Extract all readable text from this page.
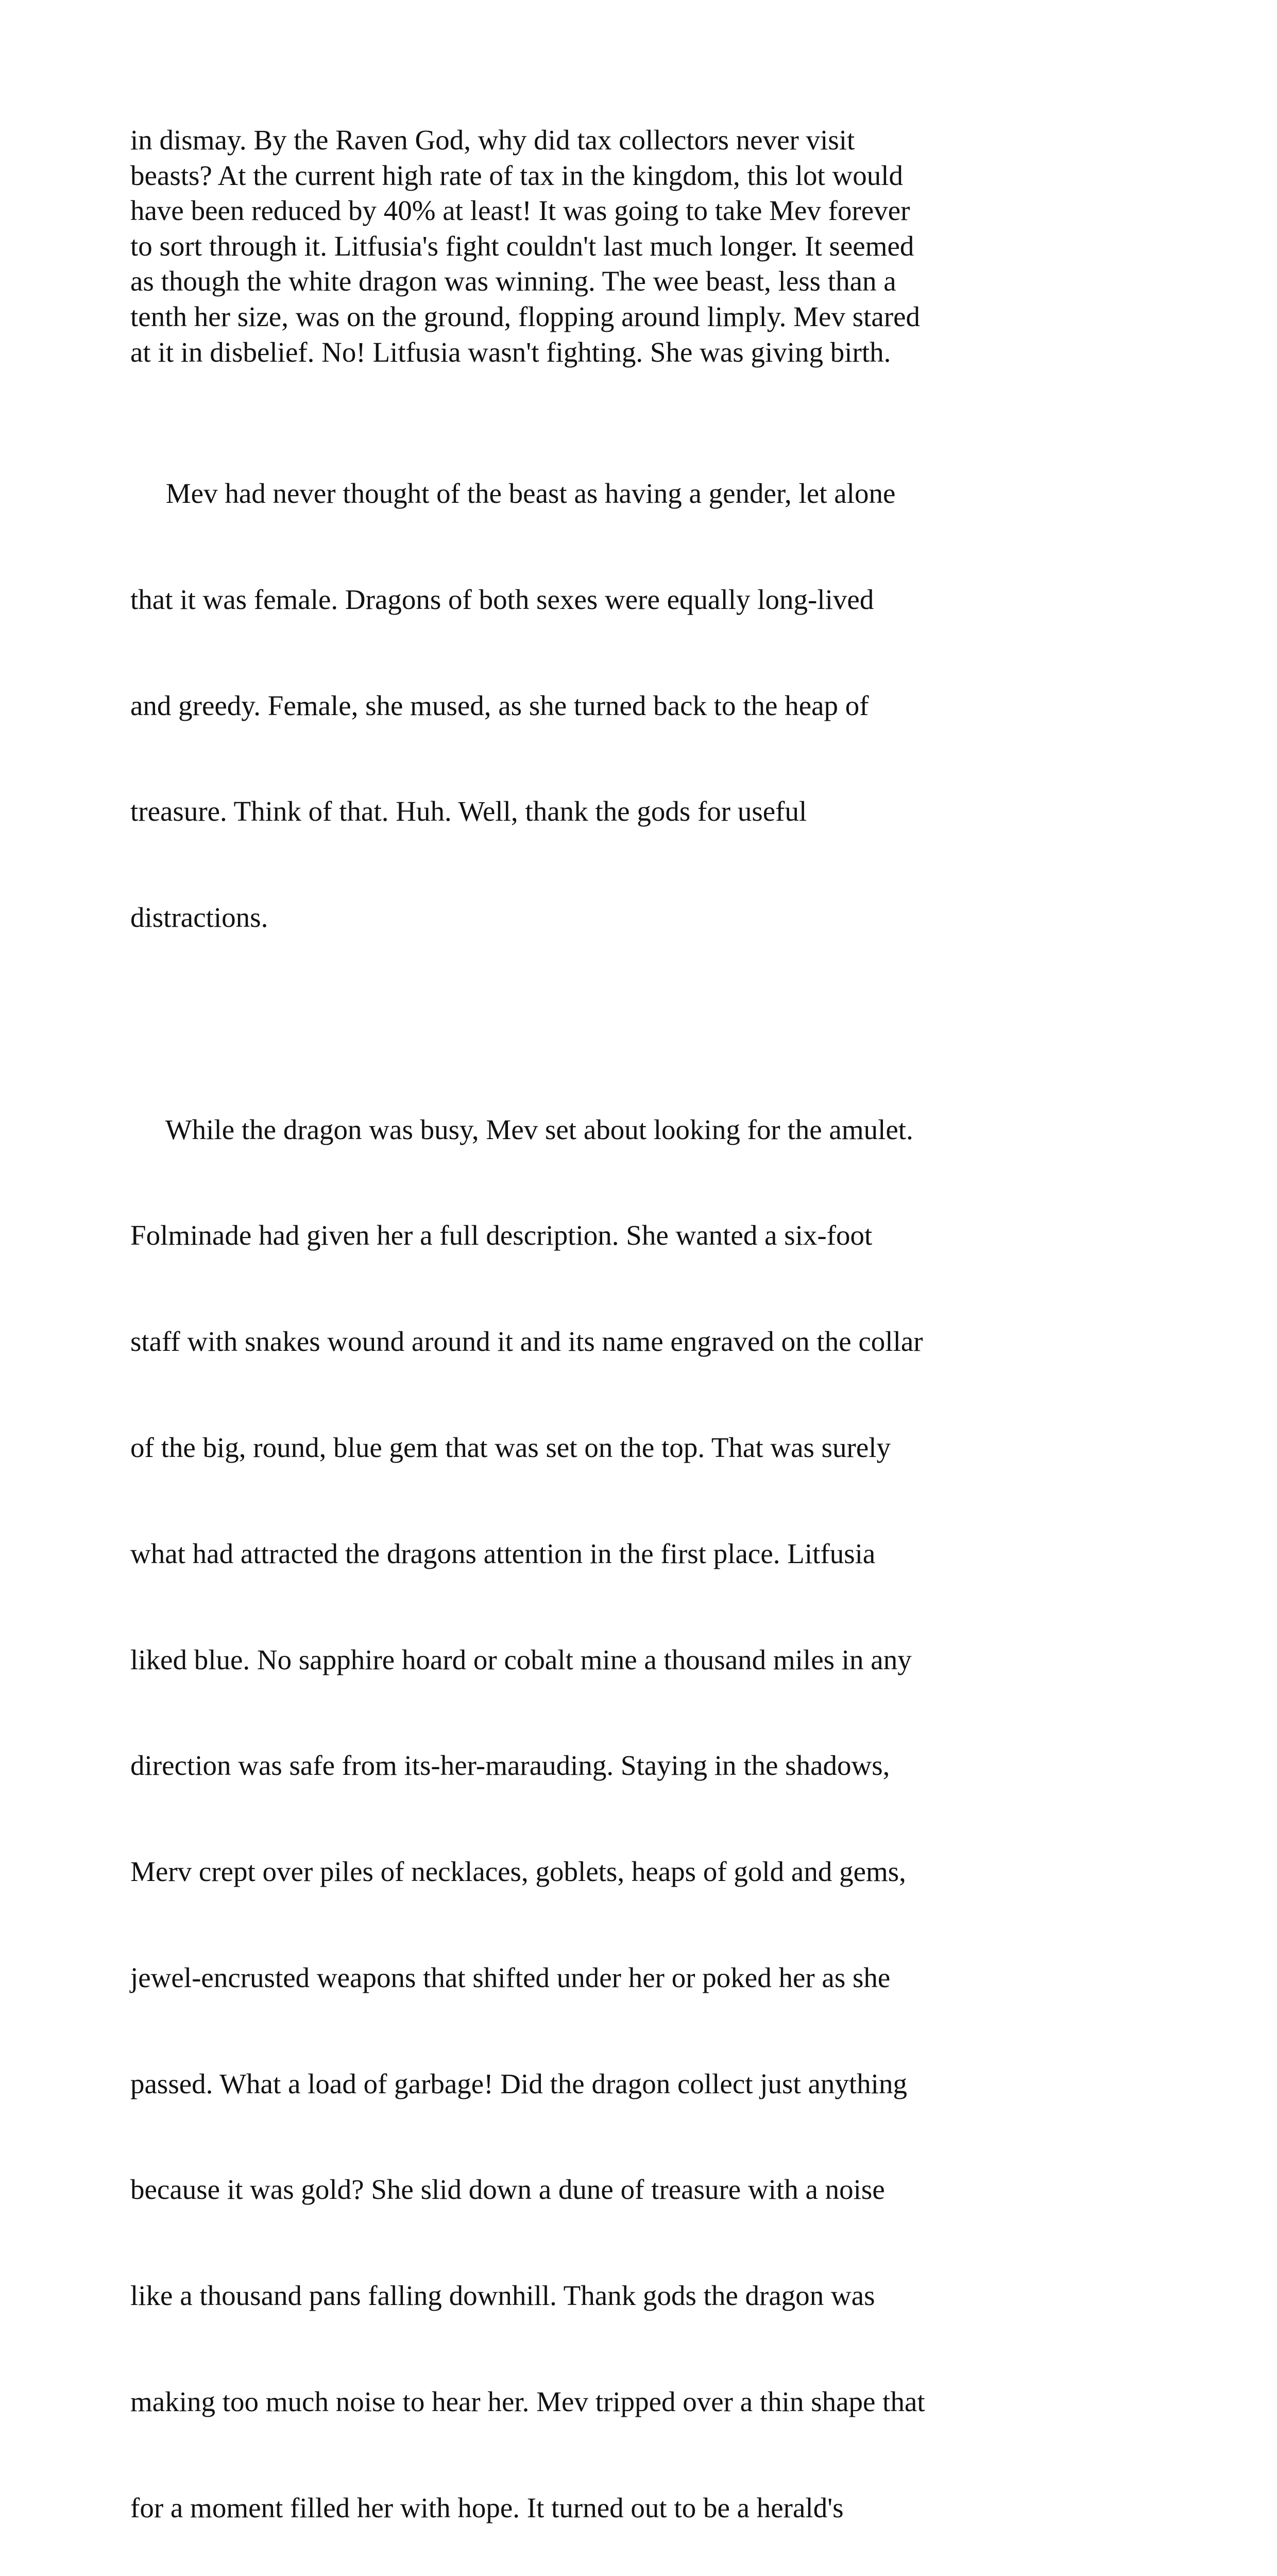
in dismay. By the Raven God, why did tax collectors never visit
beasts? At the current high rate of tax in the kingdom, this lot would
have been reduced by 40% at least! It was going to take Mev forever
to sort through it. Litfusia's fight couldn't last much longer. It seemed
as though the white dragon was winning. The wee beast, less than a
tenth her size, was on the ground, flopping around limply. Mev stared
at it in disbelief. No! Litfusia wasn't fighting. She was giving birth.

Mev had never thought of the beast as having a gender, let alone

that it was female. Dragons of both sexes were equally long-lived

and greedy. Female, she mused, as she turned back to the heap of

treasure. Think of that. Huh. Well, thank the gods for useful

distractions.

While the dragon was busy, Mev set about looking for the amulet.

Folminade had given her a full description. She wanted a six-foot

staff with snakes wound around it and its name engraved on the collar

of the big, round, blue gem that was set on the top. That was surely

what had attracted the dragons attention in the first place. Litfusia

liked blue. No sapphire hoard or cobalt mine a thousand miles in any

direction was safe from its-her-marauding. Staying in the shadows,

Merv crept over piles of necklaces, goblets, heaps of gold and gems,

jewel-encrusted weapons that shifted under her or poked her as she

passed. What a load of garbage! Did the dragon collect just anything

because it was gold? She slid down a dune of treasure with a noise

like a thousand pans falling downhill. Thank gods the dragon was

making too much noise to hear her. Mev tripped over a thin shape that

for a moment filled her with hope. It turned out to be a herald's
